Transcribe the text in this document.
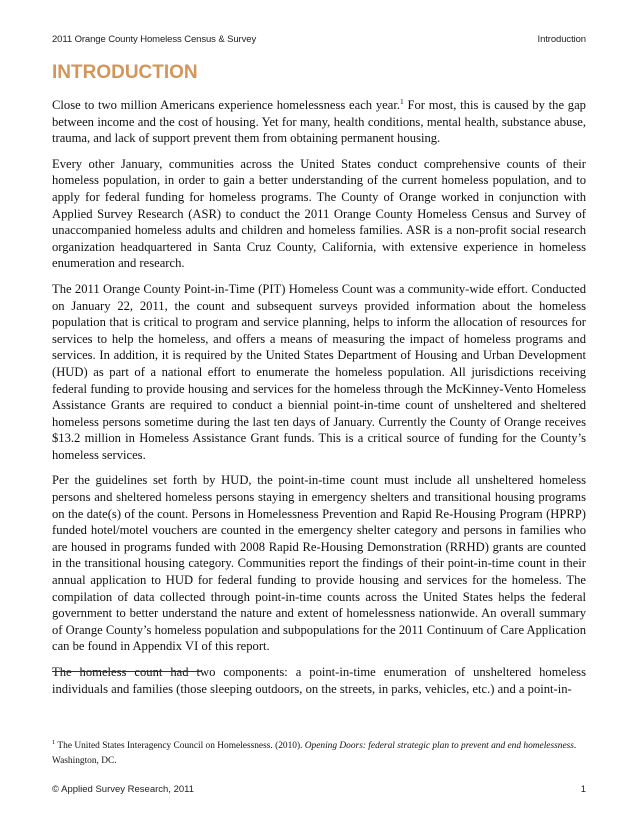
2011 Orange County Homeless Census & Survey	Introduction
INTRODUCTION

Close to two million Americans experience homelessness each year.$^1$ For most, this is caused by the gap between income and the cost of housing. Yet for many, health conditions, mental health, substance abuse, trauma, and lack of support prevent them from obtaining permanent housing.

Every other January, communities across the United States conduct comprehensive counts of their homeless population, in order to gain a better understanding of the current homeless population, and to apply for federal funding for homeless programs. The County of Orange worked in conjunction with Applied Survey Research (ASR) to conduct the 2011 Orange County Homeless Census and Survey of unaccompanied homeless adults and children and homeless families. ASR is a non-profit social research organization headquartered in Santa Cruz County, California, with extensive experience in homeless enumeration and research.

The 2011 Orange County Point-in-Time (PIT) Homeless Count was a community-wide effort. Conducted on January 22, 2011, the count and subsequent surveys provided information about the homeless population that is critical to program and service planning, helps to inform the allocation of resources for services to help the homeless, and offers a means of measuring the impact of homeless programs and services. In addition, it is required by the United States Department of Housing and Urban Development (HUD) as part of a national effort to enumerate the homeless population. All jurisdictions receiving federal funding to provide housing and services for the homeless through the McKinney-Vento Homeless Assistance Grants are required to conduct a biennial point-in-time count of unsheltered and sheltered homeless persons sometime during the last ten days of January. Currently the County of Orange receives $13.2 million in Homeless Assistance Grant funds. This is a critical source of funding for the County’s homeless services.

Per the guidelines set forth by HUD, the point-in-time count must include all unsheltered homeless persons and sheltered homeless persons staying in emergency shelters and transitional housing programs on the date(s) of the count. Persons in Homelessness Prevention and Rapid Re-Housing Program (HPRP) funded hotel/motel vouchers are counted in the emergency shelter category and persons in families who are housed in programs funded with 2008 Rapid Re-Housing Demonstration (RRHD) grants are counted in the transitional housing category. Communities report the findings of their point-in-time count in their annual application to HUD for federal funding to provide housing and services for the homeless. The compilation of data collected through point-in-time counts across the United States helps the federal government to better understand the nature and extent of homelessness nationwide. An overall summary of Orange County’s homeless population and subpopulations for the 2011 Continuum of Care Application can be found in Appendix VI of this report.

The homeless count had two components: a point-in-time enumeration of unsheltered homeless individuals and families (those sleeping outdoors, on the streets, in parks, vehicles, etc.) and a point-in-

$^1$ The United States Interagency Council on Homelessness. (2010). Opening Doors: federal strategic plan to prevent and end homelessness. Washington, DC.
© Applied Survey Research, 2011	1
